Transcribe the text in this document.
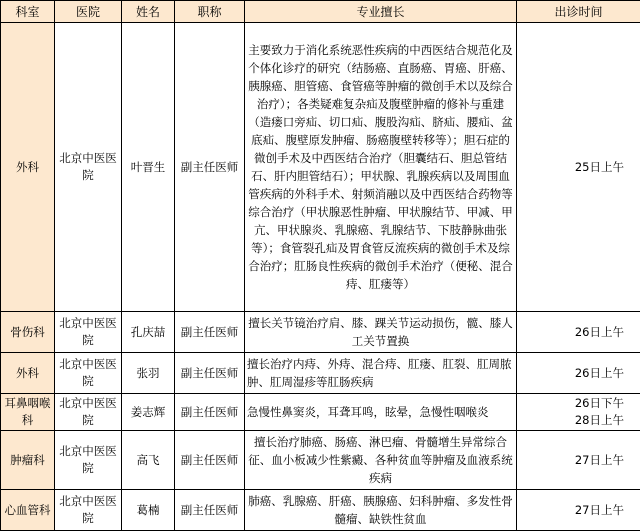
科室	医院	姓名	职称	专业擅长	出诊时间
外科	北京中医医院	叶晋生	副主任医师	主要致力于消化系统恶性疾病的中西医结合规范化及个体化诊疗的研究（结肠癌、直肠癌、胃癌、肝癌、胰腺癌、胆管癌、食管癌等肿瘤的微创手术以及综合治疗）；各类疑难复杂疝及腹壁肿瘤的修补与重建（造瘘口旁疝、切口疝、腹股沟疝、脐疝、腰疝、盆底疝、腹壁原发肿瘤、肠癌腹壁转移等）；胆石症的微创手术及中西医结合治疗（胆囊结石、胆总管结石、肝内胆管结石）；甲状腺、乳腺疾病以及周围血管疾病的外科手术、射频消融以及中西医结合药物等综合治疗（甲状腺恶性肿瘤、甲状腺结节、甲减、甲亢、甲状腺炎、乳腺癌、乳腺结节、下肢静脉曲张等）；食管裂孔疝及胃食管反流疾病的微创手术及综合治疗；肛肠良性疾病的微创手术治疗（便秘、混合痔、肛瘘等）	25日上午

骨伤科	北京中医医院	孔庆喆	副主任医师	擅长关节镜治疗肩、膝、踝关节运动损伤，髋、膝人工关节置换	26日上午

外科	北京中医医院	张羽	副主任医师	擅长治疗内痔、外痔、混合痔、肛瘘、肛裂、肛周脓肿、肛周湿疹等肛肠疾病	26日上午

耳鼻咽喉科	北京中医医院	姜志辉	副主任医师	急慢性鼻窦炎，耳聋耳鸣，眩晕，急慢性咽喉炎	26日下午
28日上午

肿瘤科	北京中医医院	高飞	副主任医师	擅长治疗肺癌、肠癌、淋巴瘤、骨髓增生异常综合征、血小板减少性紫癜、各种贫血等肿瘤及血液系统疾病	27日上午

心血管科	北京中医医院	葛楠	副主任医师	肺癌、乳腺癌、肝癌、胰腺癌、妇科肿瘤、多发性骨髓瘤、缺铁性贫血	27日上午
